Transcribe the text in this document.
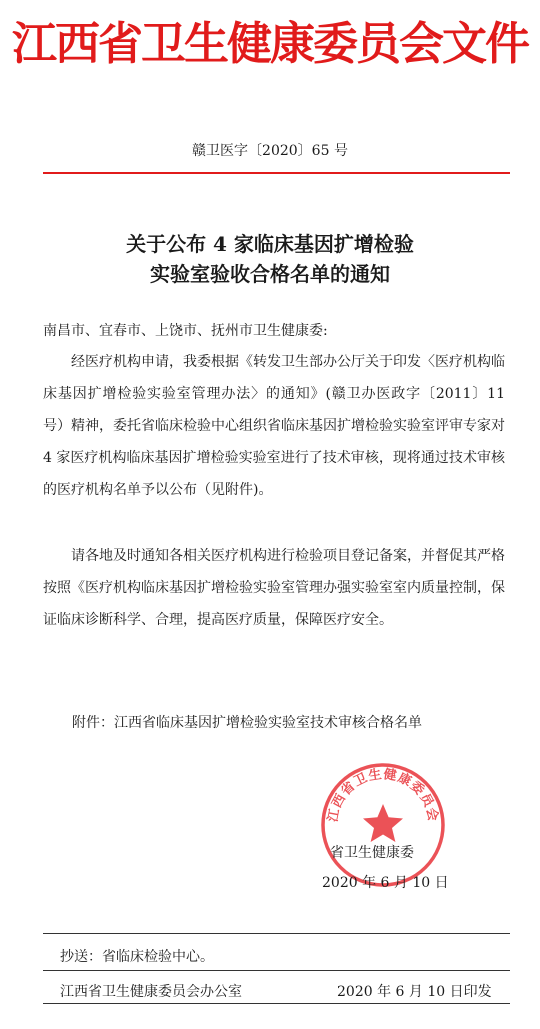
江西省卫生健康委员会文件
赣卫医字〔2020〕65 号
关于公布 4 家临床基因扩增检验
实验室验收合格名单的通知
南昌市、宜春市、上饶市、抚州市卫生健康委:
经医疗机构申请，我委根据《转发卫生部办公厅关于印发〈医疗机构临床基因扩增检验实验室管理办法〉的通知》(赣卫办医政字〔2011〕11 号）精神，委托省临床检验中心组织省临床基因扩增检验实验室评审专家对 4 家医疗机构临床基因扩增检验实验室进行了技术审核，现将通过技术审核的医疗机构名单予以公布（见附件)。
请各地及时通知各相关医疗机构进行检验项目登记备案，并督促其严格按照《医疗机构临床基因扩增检验实验室管理办强实验室室内质量控制，保证临床诊断科学、合理，提高医疗质量，保障医疗安全。
附件：江西省临床基因扩增检验实验室技术审核合格名单
江西省卫生健康委员会
省卫生健康委
2020 年 6 月 10 日
抄送：省临床检验中心。
江西省卫生健康委员会办公室	2020 年 6 月 10 日印发
